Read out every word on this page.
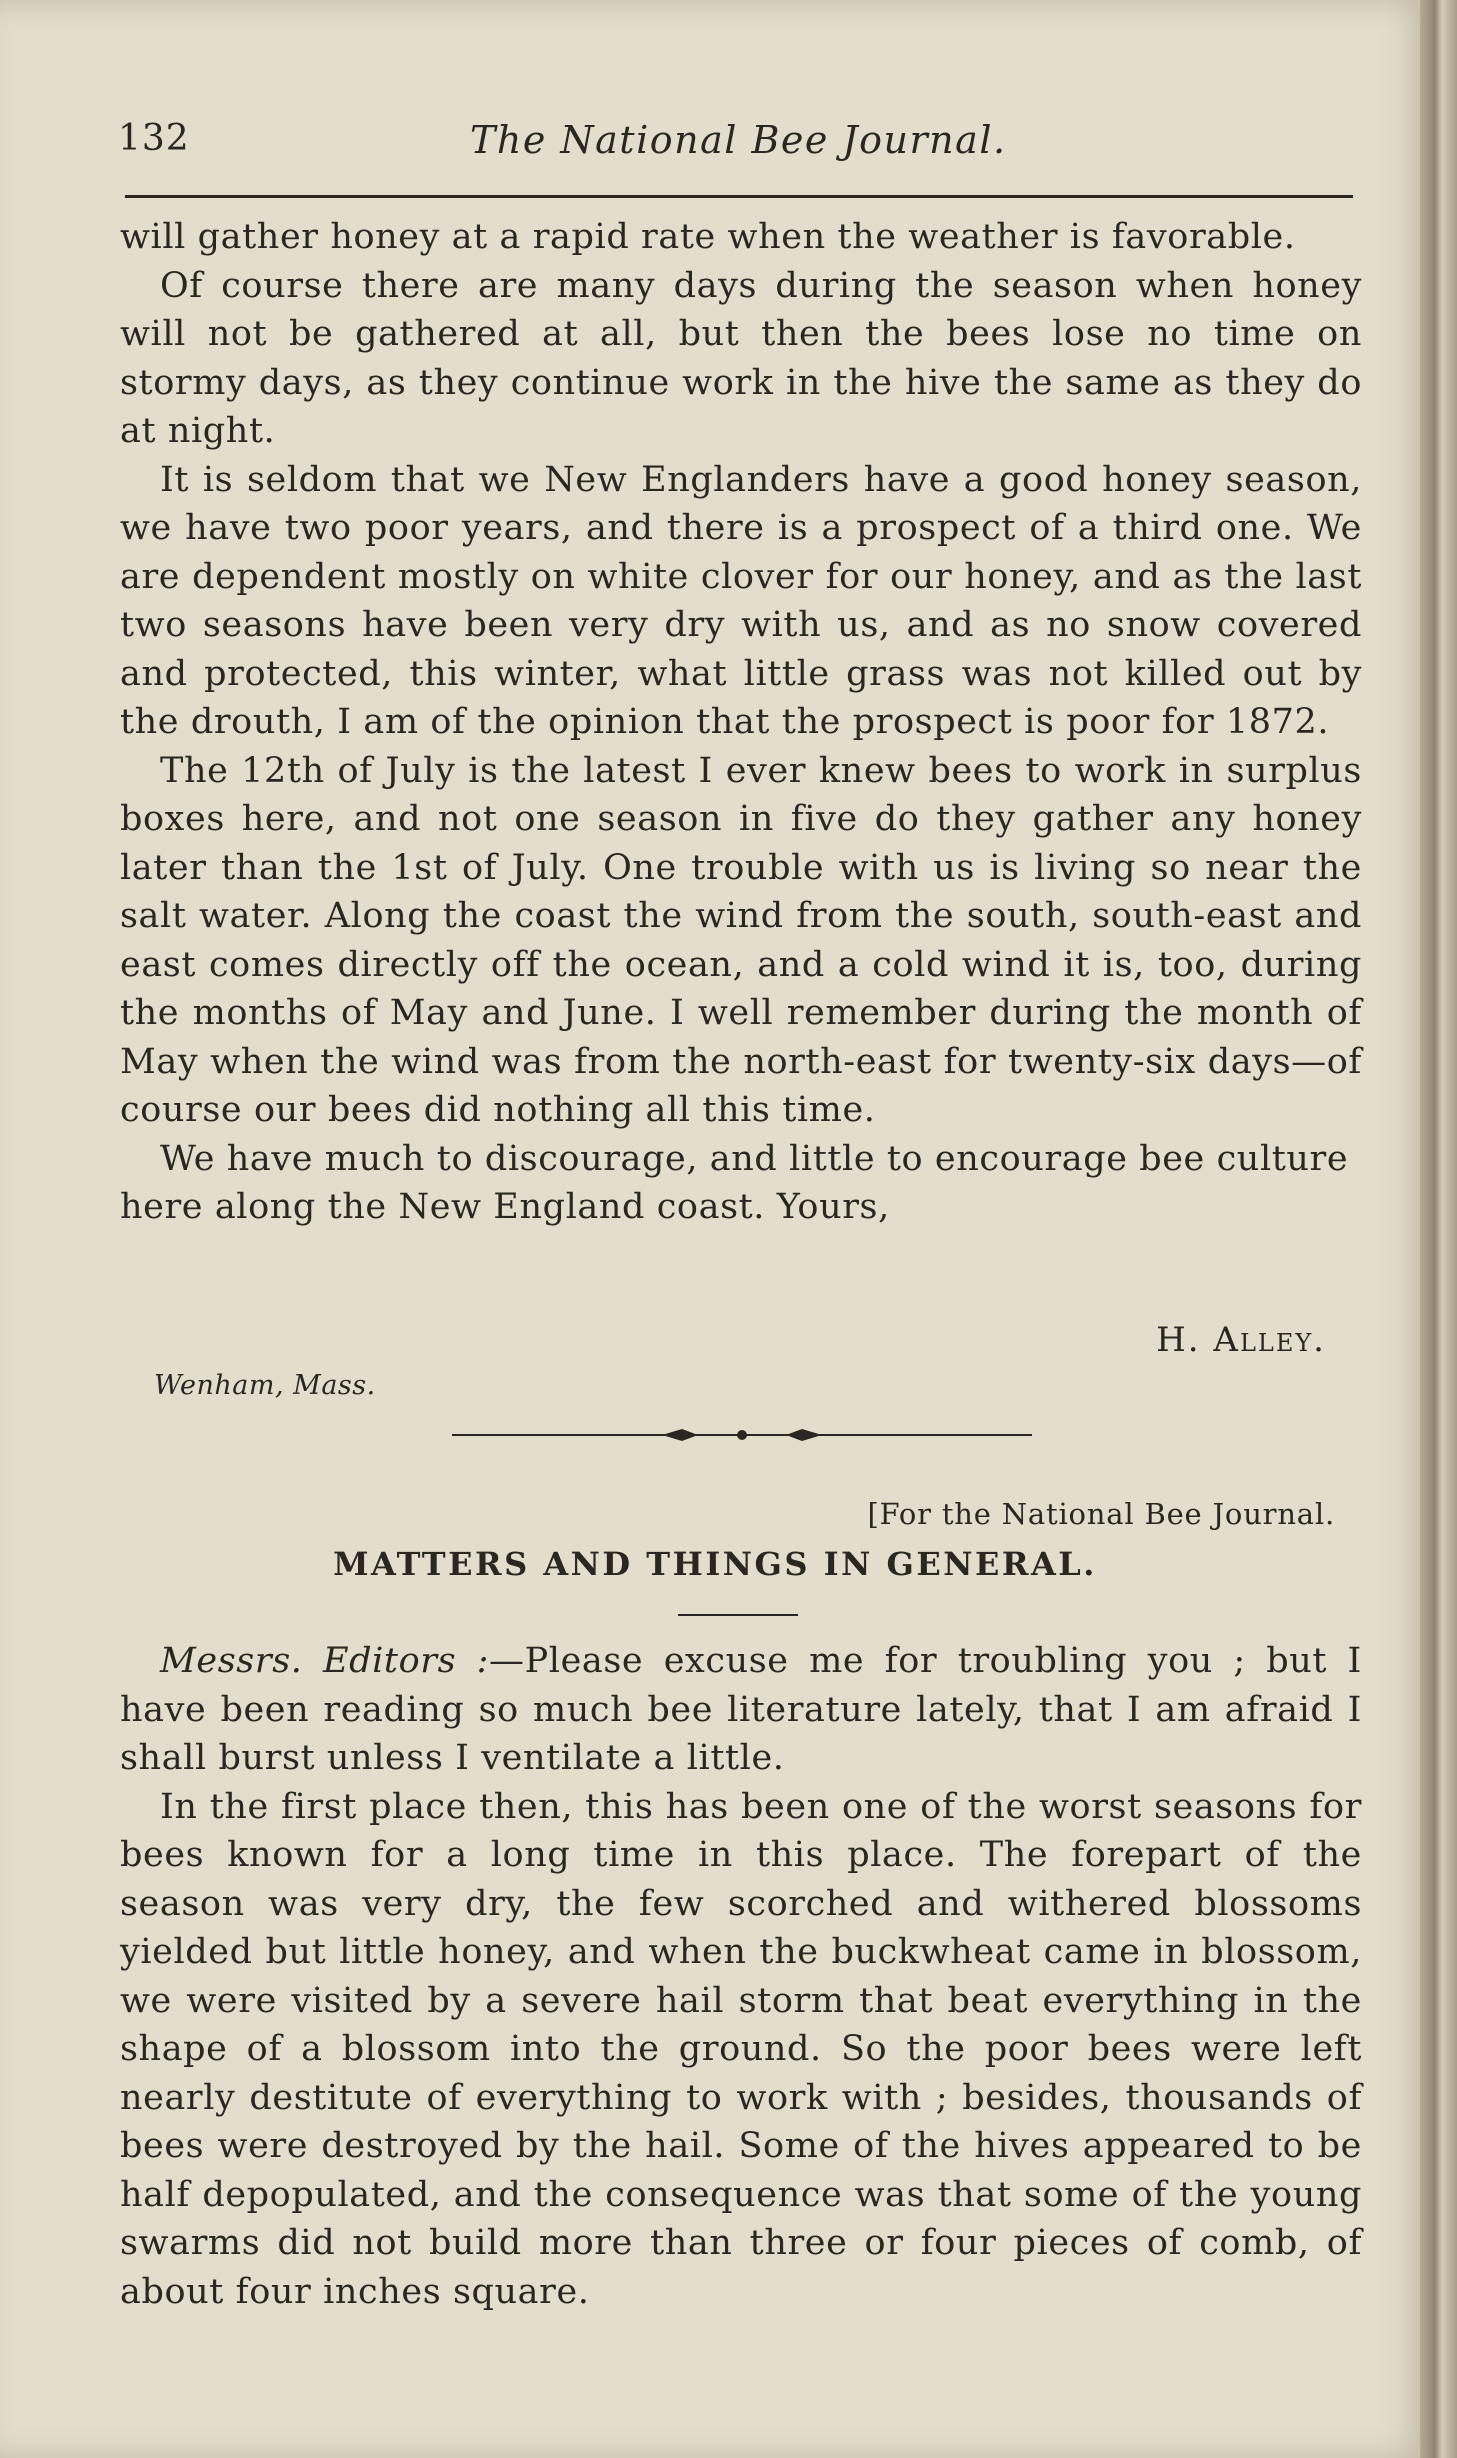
132	The National Bee Journal.

will gather honey at a rapid rate when the weather is favorable.

Of course there are many days during the season when honey will not be gathered at all, but then the bees lose no time on stormy days, as they continue work in the hive the same as they do at night.

It is seldom that we New Englanders have a good honey season, we have two poor years, and there is a prospect of a third one. We are dependent mostly on white clover for our honey, and as the last two seasons have been very dry with us, and as no snow covered and protected, this winter, what little grass was not killed out by the drouth, I am of the opinion that the prospect is poor for 1872.

The 12th of July is the latest I ever knew bees to work in surplus boxes here, and not one season in five do they gather any honey later than the 1st of July. One trouble with us is living so near the salt water. Along the coast the wind from the south, south-east and east comes directly off the ocean, and a cold wind it is, too, during the months of May and June. I well remember during the month of May when the wind was from the north-east for twenty-six days—of course our bees did nothing all this time.

We have much to discourage, and little to encourage bee culture here along the New England coast. Yours,

H. Alley.
Wenham, Mass.
[For the National Bee Journal.
MATTERS AND THINGS IN GENERAL.

Messrs. Editors :—Please excuse me for troubling you ; but I have been reading so much bee literature lately, that I am afraid I shall burst unless I ventilate a little.

In the first place then, this has been one of the worst seasons for bees known for a long time in this place. The forepart of the season was very dry, the few scorched and withered blossoms yielded but little honey, and when the buckwheat came in blossom, we were visited by a severe hail storm that beat everything in the shape of a blossom into the ground. So the poor bees were left nearly destitute of everything to work with ; besides, thousands of bees were destroyed by the hail. Some of the hives appeared to be half depopulated, and the consequence was that some of the young swarms did not build more than three or four pieces of comb, of about four inches square.
